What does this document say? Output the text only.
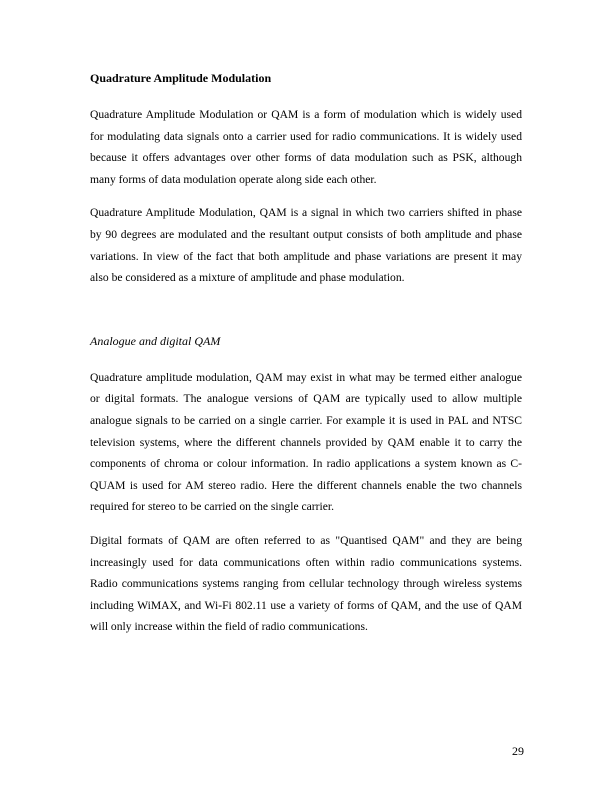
Quadrature Amplitude Modulation

Quadrature Amplitude Modulation or QAM is a form of modulation which is widely used for modulating data signals onto a carrier used for radio communications. It is widely used because it offers advantages over other forms of data modulation such as PSK, although many forms of data modulation operate along side each other.

Quadrature Amplitude Modulation, QAM is a signal in which two carriers shifted in phase by 90 degrees are modulated and the resultant output consists of both amplitude and phase variations. In view of the fact that both amplitude and phase variations are present it may also be considered as a mixture of amplitude and phase modulation.

Analogue and digital QAM

Quadrature amplitude modulation, QAM may exist in what may be termed either analogue or digital formats. The analogue versions of QAM are typically used to allow multiple analogue signals to be carried on a single carrier. For example it is used in PAL and NTSC television systems, where the different channels provided by QAM enable it to carry the components of chroma or colour information. In radio applications a system known as C-QUAM is used for AM stereo radio. Here the different channels enable the two channels required for stereo to be carried on the single carrier.

Digital formats of QAM are often referred to as "Quantised QAM" and they are being increasingly used for data communications often within radio communications systems. Radio communications systems ranging from cellular technology through wireless systems including WiMAX, and Wi-Fi 802.11 use a variety of forms of QAM, and the use of QAM will only increase within the field of radio communications.

29
